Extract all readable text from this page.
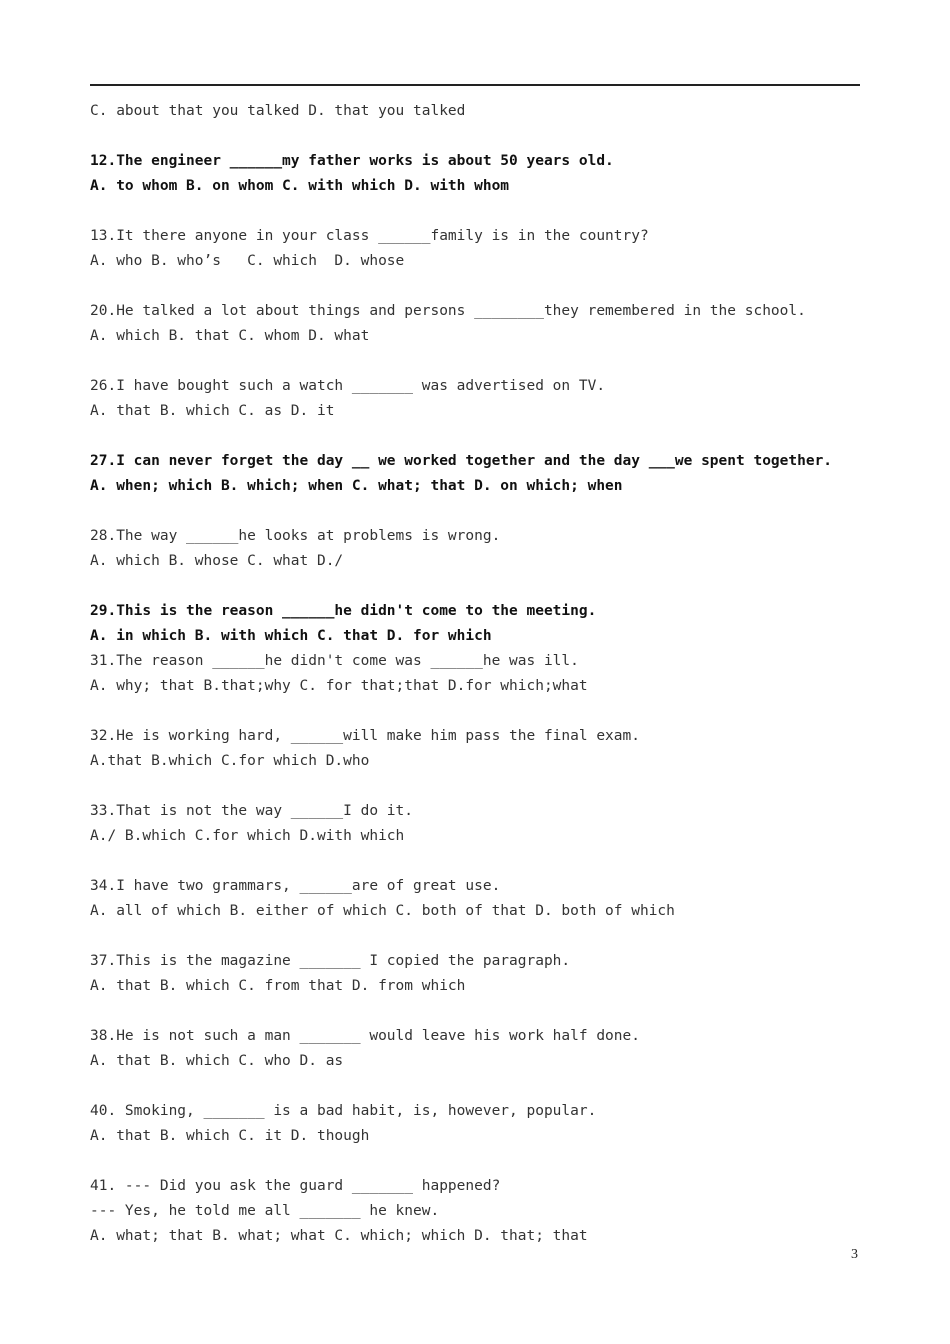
C. about that you talked D. that you talked
12.The engineer ______my father works is about 50 years old.
A. to whom B. on whom C. with which D. with whom
13.It there anyone in your class ______family is in the country?
A. who B. who’s   C. which  D. whose
20.He talked a lot about things and persons ________they remembered in the school.
A. which B. that C. whom D. what
26.I have bought such a watch _______ was advertised on TV.
A. that B. which C. as D. it
27.I can never forget the day __ we worked together and the day ___we spent together.
A. when; which B. which; when C. what; that D. on which; when
28.The way ______he looks at problems is wrong.
A. which B. whose C. what D./
29.This is the reason ______he didn't come to the meeting.
A. in which B. with which C. that D. for which
31.The reason ______he didn't come was ______he was ill.
A. why; that B.that;why C. for that;that D.for which;what
32.He is working hard, ______will make him pass the final exam.
A.that B.which C.for which D.who
33.That is not the way ______I do it.
A./ B.which C.for which D.with which
34.I have two grammars, ______are of great use.
A. all of which B. either of which C. both of that D. both of which
37.This is the magazine _______ I copied the paragraph.
A. that B. which C. from that D. from which
38.He is not such a man _______ would leave his work half done.
A. that B. which C. who D. as
40. Smoking, _______ is a bad habit, is, however, popular.
A. that B. which C. it D. though
41. --- Did you ask the guard _______ happened?
--- Yes, he told me all _______ he knew.
A. what; that B. what; what C. which; which D. that; that
3
